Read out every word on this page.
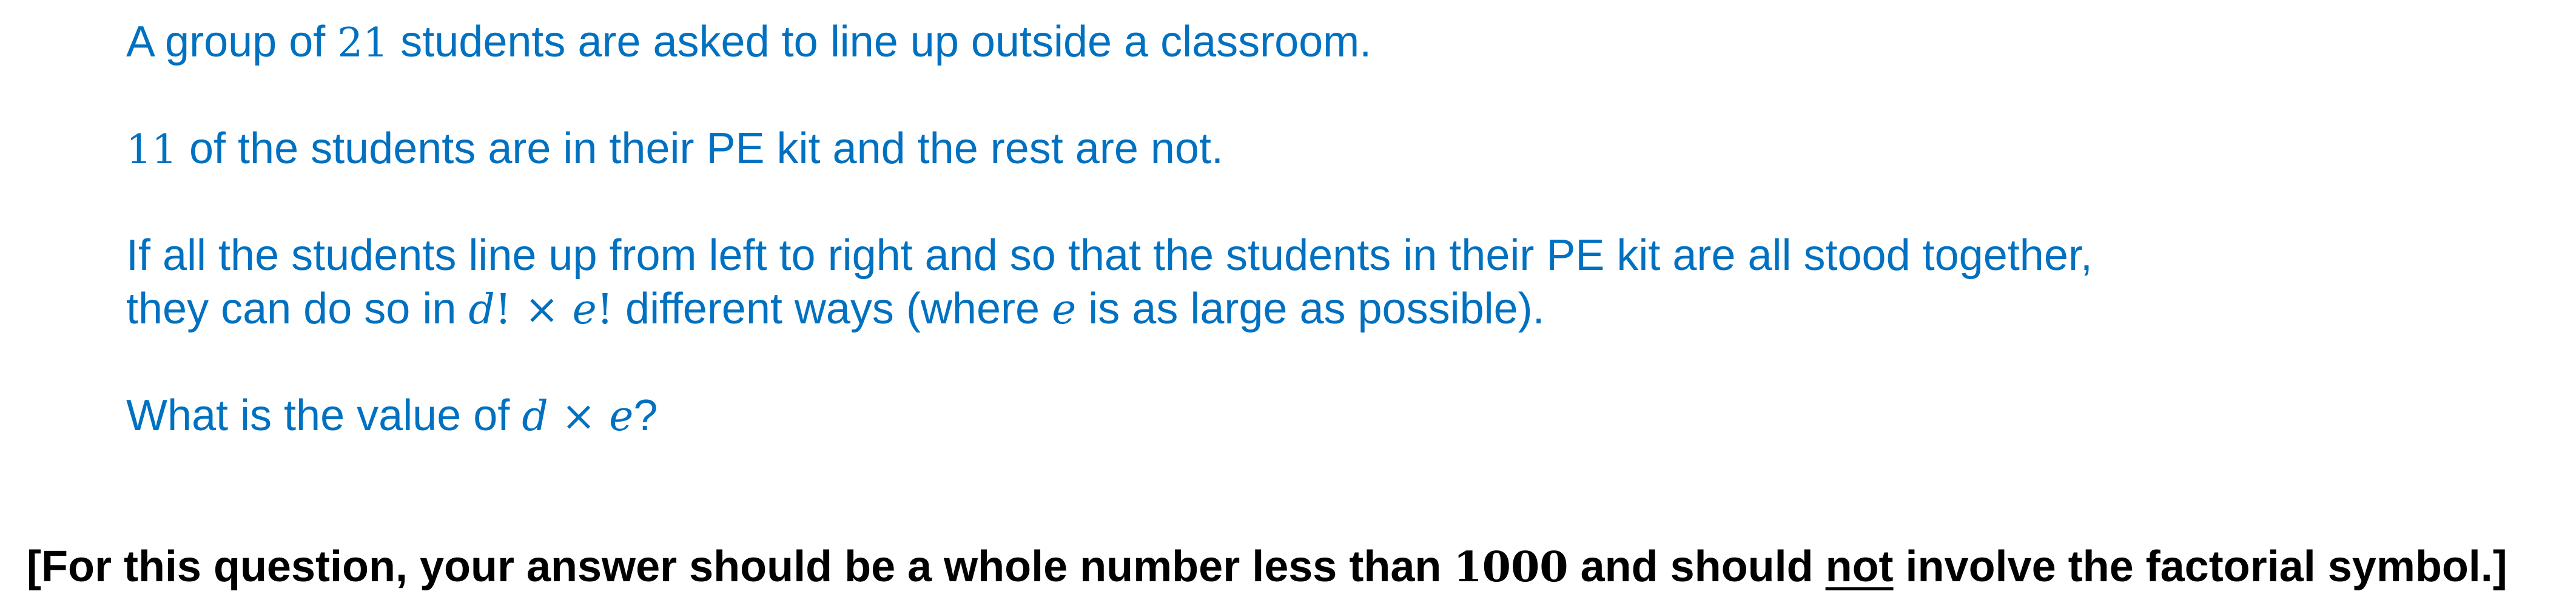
A group of 21 students are asked to line up outside a classroom.

11 of the students are in their PE kit and the rest are not.

If all the students line up from left to right and so that the students in their PE kit are all stood together,

they can do so in d! × e! different ways (where e is as large as possible).

What is the value of d × e?

[For this question, your answer should be a whole number less than 1000 and should not involve the factorial symbol.]
